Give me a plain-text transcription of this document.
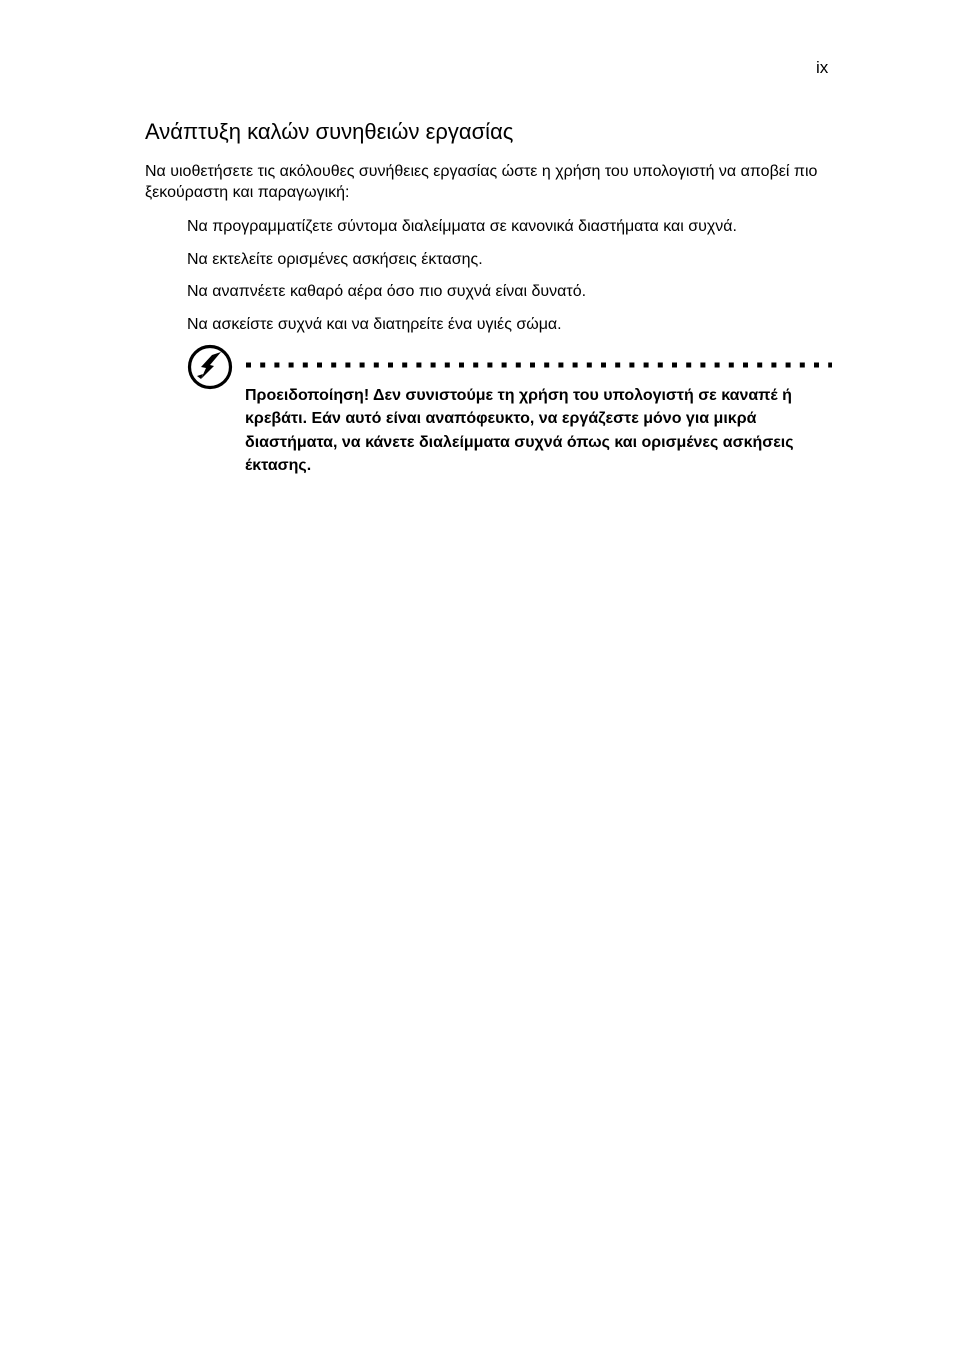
ix
Ανάπτυξη καλών συνηθειών εργασίας

Να υιοθετήσετε τις ακόλουθες συνήθειες εργασίας ώστε η χρήση του υπολογιστή να αποβεί πιο ξεκούραστη και παραγωγική:

Να προγραμματίζετε σύντομα διαλείμματα σε κανονικά διαστήματα και συχνά.
Να εκτελείτε ορισμένες ασκήσεις έκτασης.
Να αναπνέετε καθαρό αέρα όσο πιο συχνά είναι δυνατό.
Να ασκείστε συχνά και να διατηρείτε ένα υγιές σώμα.

Προειδοποίηση! Δεν συνιστούμε τη χρήση του υπολογιστή σε καναπέ ή κρεβάτι. Εάν αυτό είναι αναπόφευκτο, να εργάζεστε μόνο για μικρά διαστήματα, να κάνετε διαλείμματα συχνά όπως και ορισμένες ασκήσεις έκτασης.
